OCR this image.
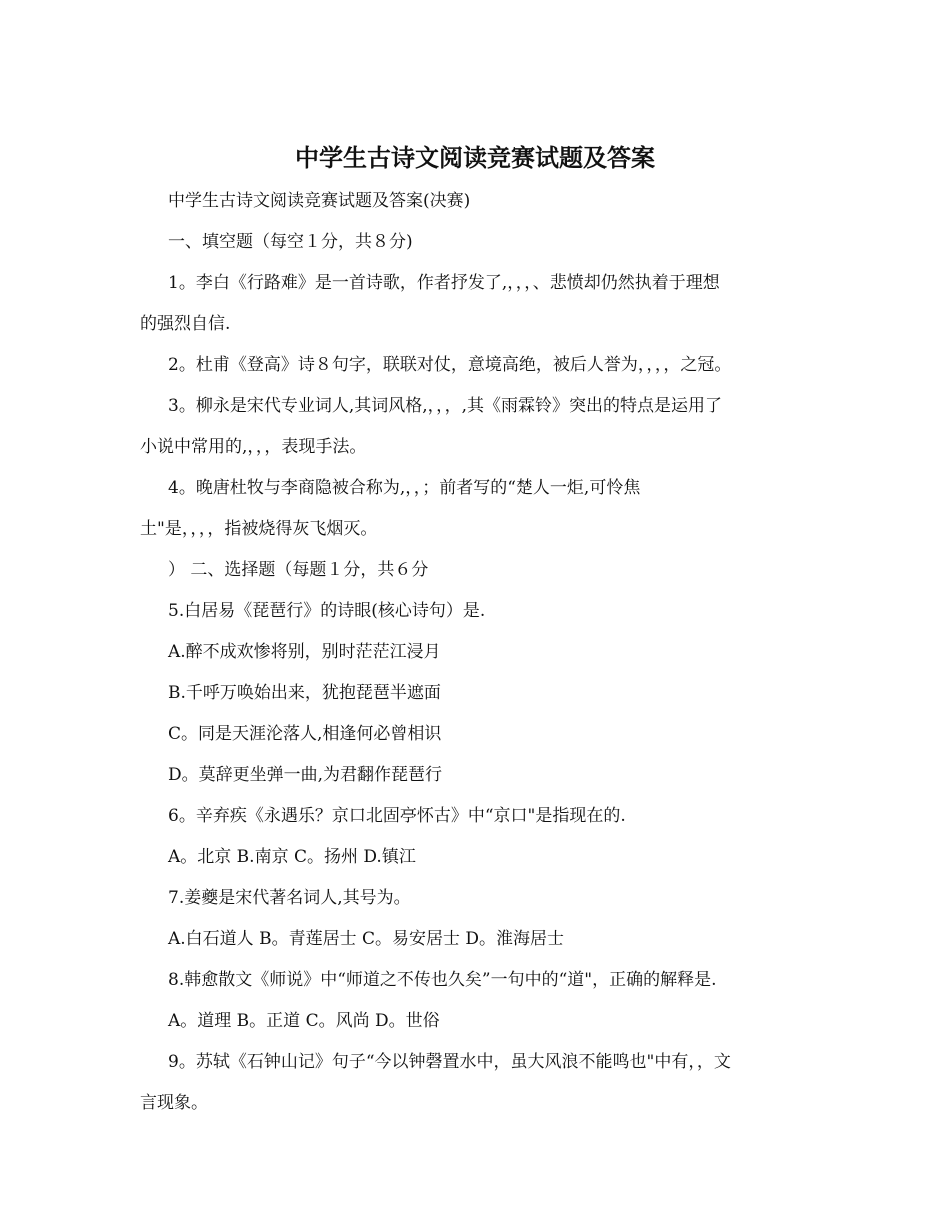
中学生古诗文阅读竞赛试题及答案
中学生古诗文阅读竞赛试题及答案(决赛)
一、填空题（每空１分，共８分)
1。李白《行路难》是一首诗歌，作者抒发了,，，，、悲愤却仍然执着于理想
的强烈自信.
2。杜甫《登高》诗８句字，联联对仗，意境高绝，被后人誉为，，，，之冠。
3。柳永是宋代专业词人,其词风格,，，，,其《雨霖铃》突出的特点是运用了
小说中常用的,，，，表现手法。
4。晚唐杜牧与李商隐被合称为,，，；前者写的“楚人一炬,可怜焦
土"是，，，，指被烧得灰飞烟灭。
） 二、选择题（每题１分，共６分
5.白居易《琵琶行》的诗眼(核心诗句）是.
A.醉不成欢惨将别，别时茫茫江浸月
B.千呼万唤始出来，犹抱琵琶半遮面
C。同是天涯沦落人,相逢何必曾相识
D。莫辞更坐弹一曲,为君翻作琵琶行
6。辛弃疾《永遇乐？京口北固亭怀古》中“京口"是指现在的.
A。北京 B.南京 C。扬州 D.镇江
7.姜夔是宋代著名词人,其号为。
A.白石道人 B。青莲居士 C。易安居士 D。淮海居士
8.韩愈散文《师说》中“师道之不传也久矣”一句中的“道"，正确的解释是.
A。道理 B。正道 C。风尚 D。世俗
9。苏轼《石钟山记》句子“今以钟磬置水中，虽大风浪不能鸣也"中有，，文
言现象。
